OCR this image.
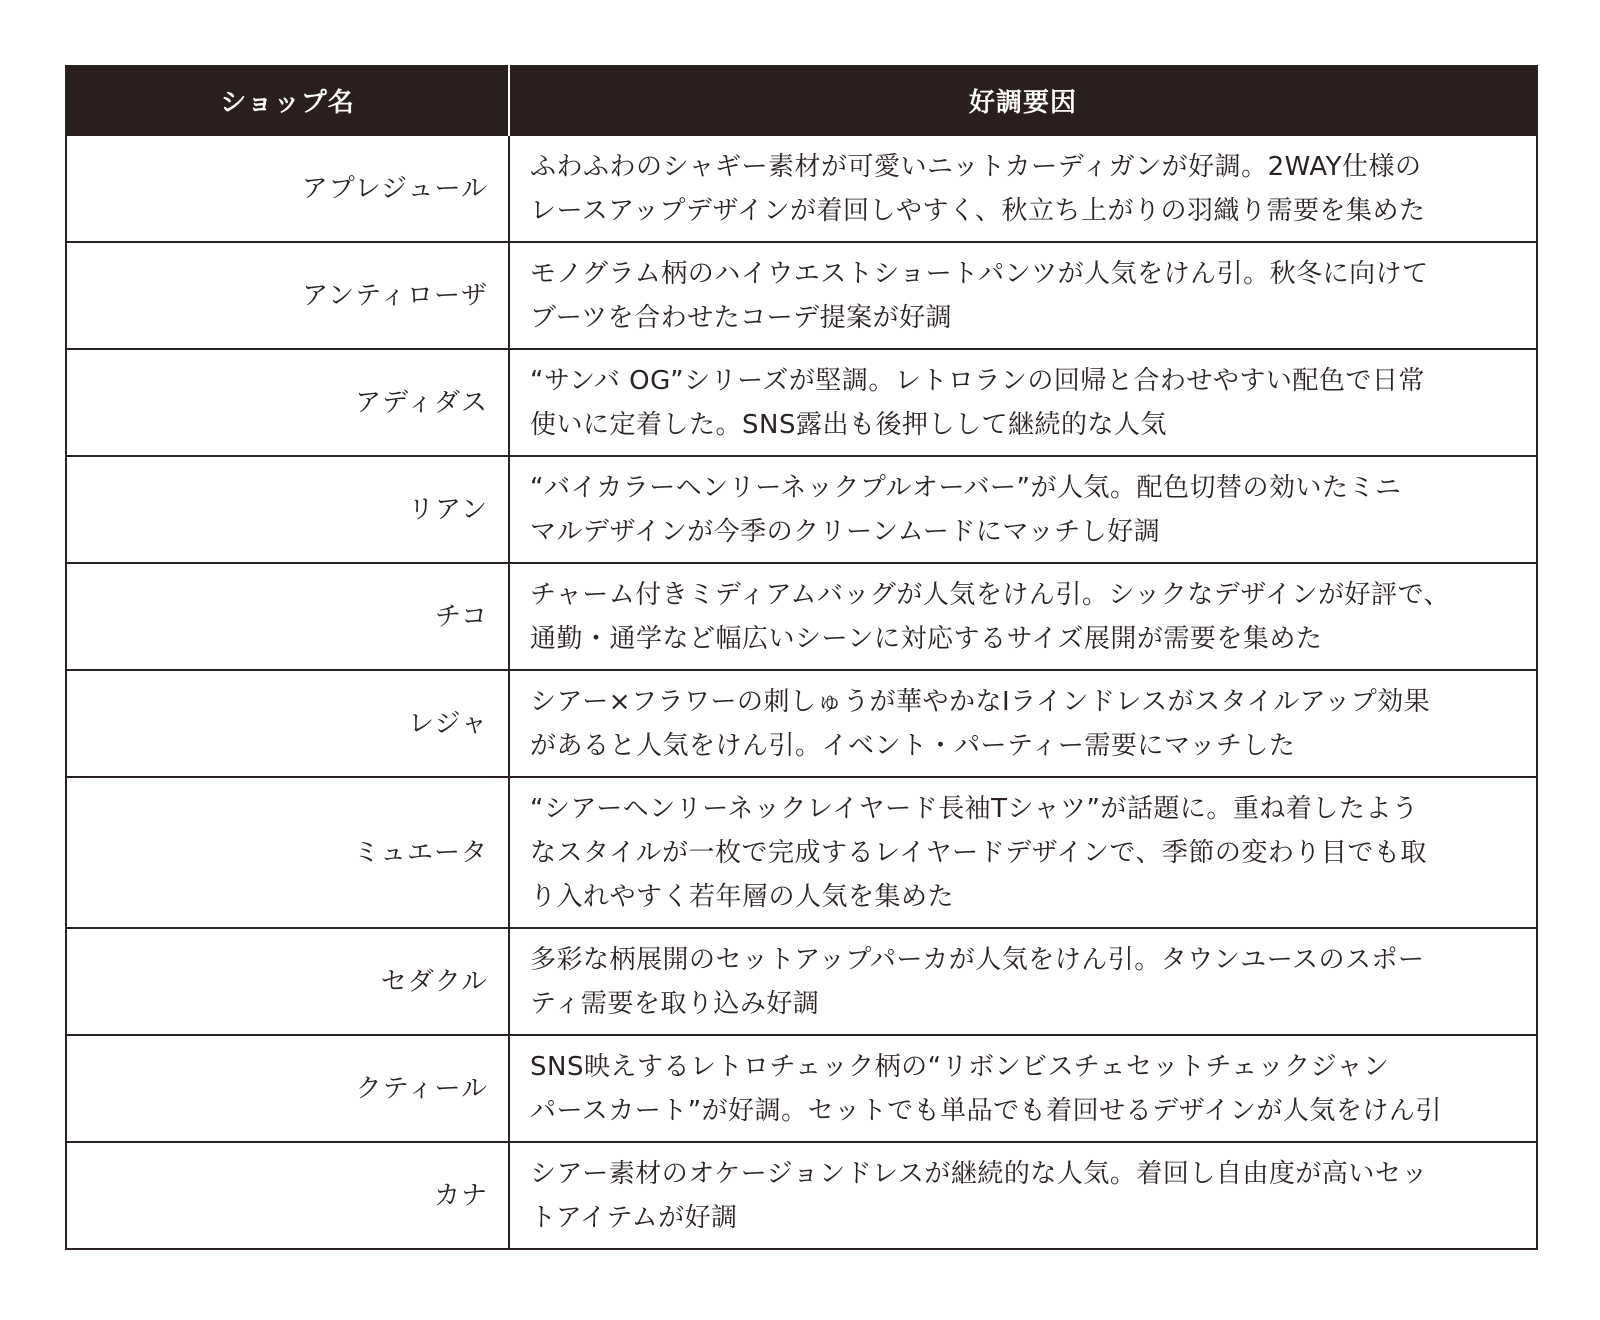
ショップ名	好調要因
アプレジュール	ふわふわのシャギー素材が可愛いニットカーディガンが好調。2WAY仕様の
レースアップデザインが着回しやすく、秋立ち上がりの羽織り需要を集めた

アンティローザ	モノグラム柄のハイウエストショートパンツが人気をけん引。秋冬に向けて
ブーツを合わせたコーデ提案が好調

アディダス	“サンバ OG”シリーズが堅調。レトロランの回帰と合わせやすい配色で日常
使いに定着した。SNS露出も後押しして継続的な人気

リアン	“バイカラーヘンリーネックプルオーバー”が人気。配色切替の効いたミニ
マルデザインが今季のクリーンムードにマッチし好調

チコ	チャーム付きミディアムバッグが人気をけん引。シックなデザインが好評で、
通勤・通学など幅広いシーンに対応するサイズ展開が需要を集めた

レジャ	シアー×フラワーの刺しゅうが華やかなIラインドレスがスタイルアップ効果
があると人気をけん引。イベント・パーティー需要にマッチした

ミュエータ	“シアーヘンリーネックレイヤード長袖Tシャツ”が話題に。重ね着したよう
なスタイルが一枚で完成するレイヤードデザインで、季節の変わり目でも取
り入れやすく若年層の人気を集めた

セダクル	多彩な柄展開のセットアップパーカが人気をけん引。タウンユースのスポー
ティ需要を取り込み好調

クティール	SNS映えするレトロチェック柄の“リボンビスチェセットチェックジャン
パースカート”が好調。セットでも単品でも着回せるデザインが人気をけん引

カナ	シアー素材のオケージョンドレスが継続的な人気。着回し自由度が高いセッ
トアイテムが好調
